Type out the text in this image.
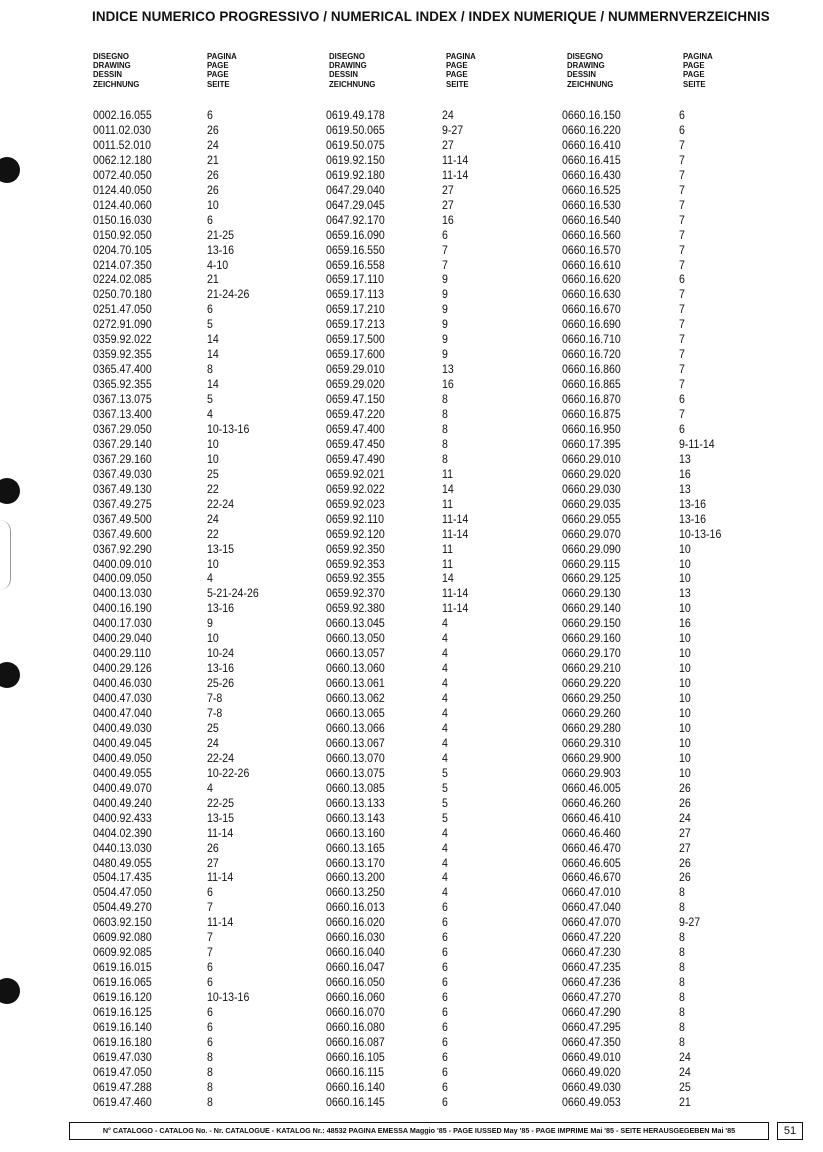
INDICE NUMERICO PROGRESSIVO / NUMERICAL INDEX / INDEX NUMERIQUE / NUMMERNVERZEICHNIS
DISEGNO
DRAWING
DESSIN
ZEICHNUNG
PAGINA
PAGE
PAGE
SEITE
DISEGNO
DRAWING
DESSIN
ZEICHNUNG
PAGINA
PAGE
PAGE
SEITE
DISEGNO
DRAWING
DESSIN
ZEICHNUNG
PAGINA
PAGE
PAGE
SEITE
0002.16.055	6
0011.02.030	26
0011.52.010	24
0062.12.180	21
0072.40.050	26
0124.40.050	26
0124.40.060	10
0150.16.030	6
0150.92.050	21-25
0204.70.105	13-16
0214.07.350	4-10
0224.02.085	21
0250.70.180	21-24-26
0251.47.050	6
0272.91.090	5
0359.92.022	14
0359.92.355	14
0365.47.400	8
0365.92.355	14
0367.13.075	5
0367.13.400	4
0367.29.050	10-13-16
0367.29.140	10
0367.29.160	10
0367.49.030	25
0367.49.130	22
0367.49.275	22-24
0367.49.500	24
0367.49.600	22
0367.92.290	13-15
0400.09.010	10
0400.09.050	4
0400.13.030	5-21-24-26
0400.16.190	13-16
0400.17.030	9
0400.29.040	10
0400.29.110	10-24
0400.29.126	13-16
0400.46.030	25-26
0400.47.030	7-8
0400.47.040	7-8
0400.49.030	25
0400.49.045	24
0400.49.050	22-24
0400.49.055	10-22-26
0400.49.070	4
0400.49.240	22-25
0400.92.433	13-15
0404.02.390	11-14
0440.13.030	26
0480.49.055	27
0504.17.435	11-14
0504.47.050	6
0504.49.270	7
0603.92.150	11-14
0609.92.080	7
0609.92.085	7
0619.16.015	6
0619.16.065	6
0619.16.120	10-13-16
0619.16.125	6
0619.16.140	6
0619.16.180	6
0619.47.030	8
0619.47.050	8
0619.47.288	8
0619.47.460	8
0619.49.178	24
0619.50.065	9-27
0619.50.075	27
0619.92.150	11-14
0619.92.180	11-14
0647.29.040	27
0647.29.045	27
0647.92.170	16
0659.16.090	6
0659.16.550	7
0659.16.558	7
0659.17.110	9
0659.17.113	9
0659.17.210	9
0659.17.213	9
0659.17.500	9
0659.17.600	9
0659.29.010	13
0659.29.020	16
0659.47.150	8
0659.47.220	8
0659.47.400	8
0659.47.450	8
0659.47.490	8
0659.92.021	11
0659.92.022	14
0659.92.023	11
0659.92.110	11-14
0659.92.120	11-14
0659.92.350	11
0659.92.353	11
0659.92.355	14
0659.92.370	11-14
0659.92.380	11-14
0660.13.045	4
0660.13.050	4
0660.13.057	4
0660.13.060	4
0660.13.061	4
0660.13.062	4
0660.13.065	4
0660.13.066	4
0660.13.067	4
0660.13.070	4
0660.13.075	5
0660.13.085	5
0660.13.133	5
0660.13.143	5
0660.13.160	4
0660.13.165	4
0660.13.170	4
0660.13.200	4
0660.13.250	4
0660.16.013	6
0660.16.020	6
0660.16.030	6
0660.16.040	6
0660.16.047	6
0660.16.050	6
0660.16.060	6
0660.16.070	6
0660.16.080	6
0660.16.087	6
0660.16.105	6
0660.16.115	6
0660.16.140	6
0660.16.145	6
0660.16.150	6
0660.16.220	6
0660.16.410	7
0660.16.415	7
0660.16.430	7
0660.16.525	7
0660.16.530	7
0660.16.540	7
0660.16.560	7
0660.16.570	7
0660.16.610	7
0660.16.620	6
0660.16.630	7
0660.16.670	7
0660.16.690	7
0660.16.710	7
0660.16.720	7
0660.16.860	7
0660.16.865	7
0660.16.870	6
0660.16.875	7
0660.16.950	6
0660.17.395	9-11-14
0660.29.010	13
0660.29.020	16
0660.29.030	13
0660.29.035	13-16
0660.29.055	13-16
0660.29.070	10-13-16
0660.29.090	10
0660.29.115	10
0660.29.125	10
0660.29.130	13
0660.29.140	10
0660.29.150	16
0660.29.160	10
0660.29.170	10
0660.29.210	10
0660.29.220	10
0660.29.250	10
0660.29.260	10
0660.29.280	10
0660.29.310	10
0660.29.900	10
0660.29.903	10
0660.46.005	26
0660.46.260	26
0660.46.410	24
0660.46.460	27
0660.46.470	27
0660.46.605	26
0660.46.670	26
0660.47.010	8
0660.47.040	8
0660.47.070	9-27
0660.47.220	8
0660.47.230	8
0660.47.235	8
0660.47.236	8
0660.47.270	8
0660.47.290	8
0660.47.295	8
0660.47.350	8
0660.49.010	24
0660.49.020	24
0660.49.030	25
0660.49.053	21
N° CATALOGO - CATALOG No. - Nr. CATALOGUE - KATALOG Nr.: 48532 PAGINA EMESSA Maggio '85 - PAGE IUSSED May '85 - PAGE IMPRIME Mai '85 - SEITE HERAUSGEGEBEN Mai '85	51
